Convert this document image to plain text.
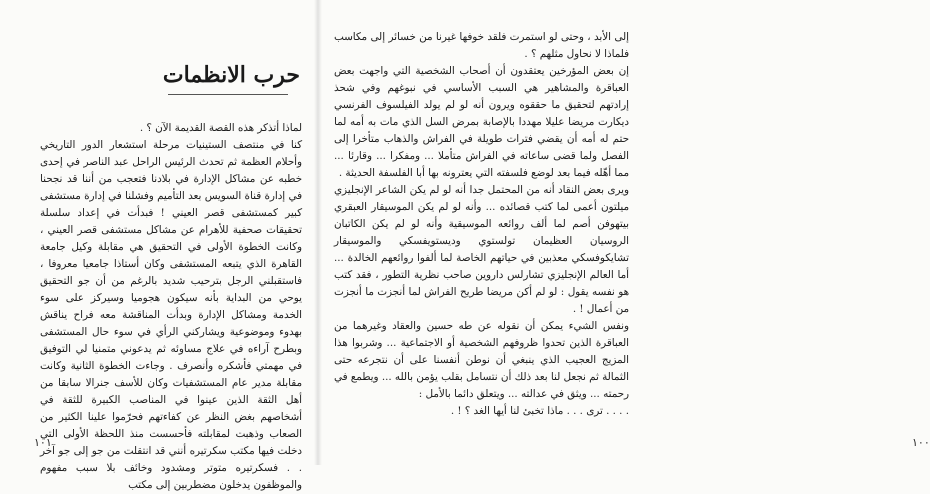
​
حرب الانظمات

لماذا أتذكر هذه القصة القديمة الآن ؟ .

كنا في منتصف الستينيات مرحلة استشعار الدور التاريخي وأحلام العظمة ثم تحدث الرئيس الراحل عبد الناصر في إحدى خطبه عن مشاكل الإدارة في بلادنا فتعجب من أننا قد نجحنا في إدارة قناة السويس بعد التأميم وفشلنا في إدارة مستشفى كبير كمستشفى قصر العيني ! فبدأت في إعداد سلسلة تحقيقات صحفية للأهرام عن مشاكل مستشفى قصر العيني ، وكانت الخطوة الأولى في التحقيق هي مقابلة وكيل جامعة القاهرة الذي يتبعه المستشفى وكان أستاذا جامعيا معروفا ، فاستقبلني الرجل بترحيب شديد بالرغم من أن جو التحقيق يوحي من البداية بأنه سيكون هجوميا وسيركز على سوء الخدمة ومشاكل الإدارة وبدأت المناقشة معه فراح يناقش بهدوء وموضوعية ويشاركني الرأي في سوء حال المستشفى وبطرح آراءه في علاج مساوئه ثم يدعوني متمنيا لي التوفيق في مهمتي فأشكره وأنصرف . وجاءت الخطوة الثانية وكانت مقابلة مدير عام المستشفيات وكان للأسف جنرالا سابقا من أهل الثقة الذين عينوا في المناصب الكبيرة للثقة في أشخاصهم بغض النظر عن كفاءتهم فحرّموا علينا الكثير من الصعاب وذهبت لمقابلته فأحسست منذ اللحظة الأولى التي دخلت فيها مكتب سكرتيره أنني قد انتقلت من جو إلى جو آخر . . فسكرتيره متوتر ومشدود وخائف بلا سبب مفهوم والموظفون يدخلون مضطربين إلى مكتب

١٠١

إلى الأبد ، وحتى لو استمرت فلقد خوفها غيرنا من خسائر إلى مكاسب فلماذا لا نحاول مثلهم ؟ .

إن بعض المؤرخين يعتقدون أن أصحاب الشخصية التي واجهت بعض العباقرة والمشاهير هي السبب الأساسي في نبوغهم وفي شحذ إرادتهم لتحقيق ما حققوه ويرون أنه لو لم يولد الفيلسوف الفرنسي ديكارت مريضا عليلا مهددا بالإصابة بمرض السل الذي مات به أمه لما حتم له أمه أن يقضي فترات طويلة في الفراش والذهاب متأخرا إلى الفصل ولما قضى ساعاته في الفراش متأملا ... ومفكرا ... وقارئا ... مما أهّله فيما بعد لوضع فلسفته التي يعترونه بها أبا الفلسفة الحديثة .

ويرى بعض النقاد أنه من المحتمل جدا أنه لو لم يكن الشاعر الإنجليزي ميلتون أعمى لما كتب قصائده ... وأنه لو لم يكن الموسيقار العبقري بيتهوفن أصم لما ألف روائعه الموسيقية وأنه لو لم يكن الكاتبان الروسيان العظيمان تولستوي وديستويفسكي والموسيقار تشايكوفسكي معذبين في حياتهم الخاصة لما ألفوا روائعهم الخالدة ... أما العالم الإنجليزي تشارلس داروين صاحب نظرية التطور ، فقد كتب هو نفسه يقول : لو لم أكن مريضا طريح الفراش لما أنجزت ما أنجزت من أعمال ! .

ونفس الشيء يمكن أن نقوله عن طه حسين والعقاد وغيرهما من العباقرة الذين تحدوا ظروفهم الشخصية أو الاجتماعية ... وشربوا هذا المزيج العجيب الذي ينبغي أن نوطن أنفسنا على أن نتجرعه حتى الثمالة ثم نجعل لنا بعد ذلك أن نتسامل بقلب يؤمن بالله ... ويطمع في رحمته ... ويثق في عدالته ... ويتعلق دائما بالأمل :

. . . . ترى . . . ماذا تخبئ لنا أيها الغد ؟ ! .

١٠٠
